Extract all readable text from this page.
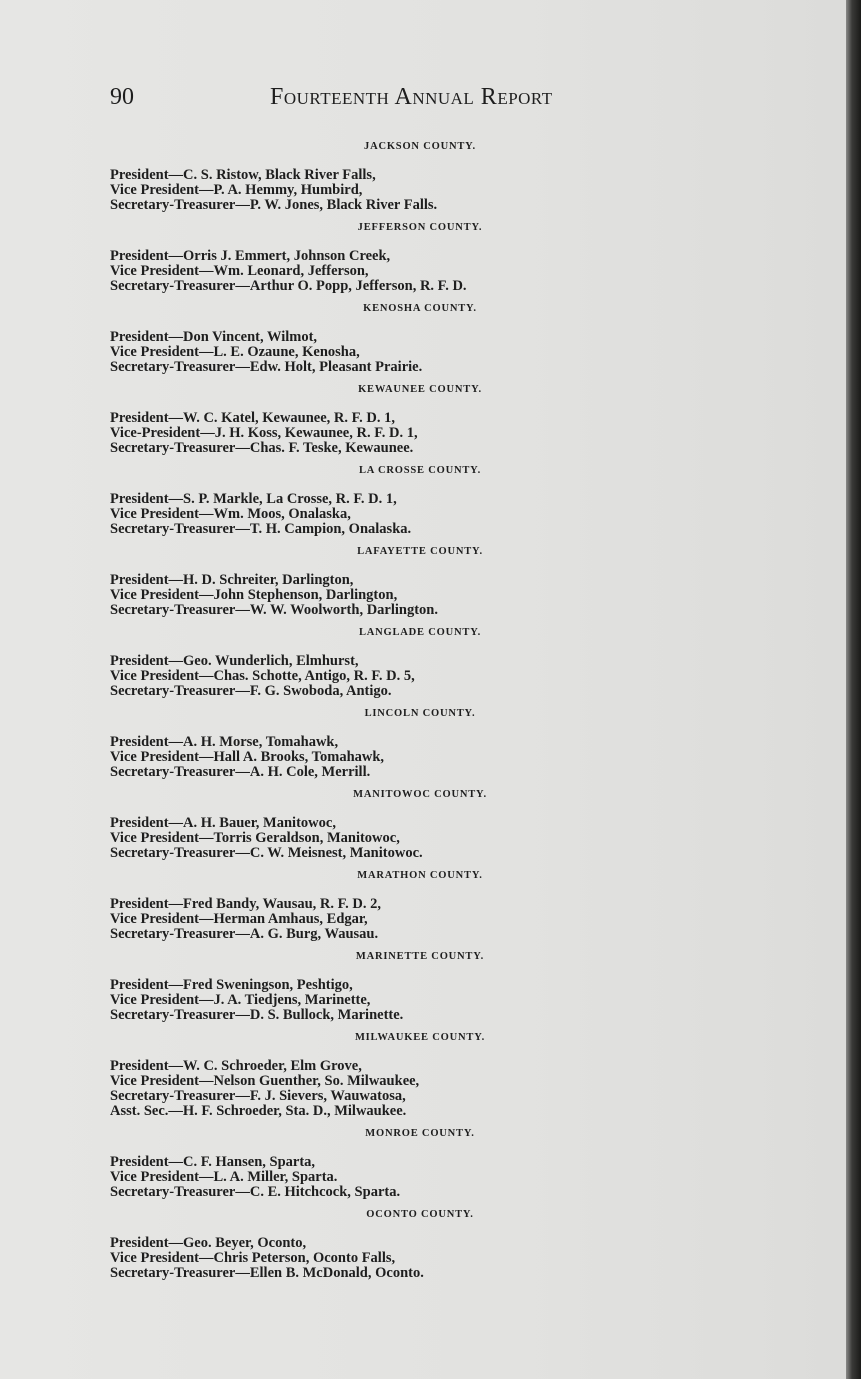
90	Fourteenth Annual Report
JACKSON COUNTY.
President—C. S. Ristow, Black River Falls,
Vice President—P. A. Hemmy, Humbird,
Secretary-Treasurer—P. W. Jones, Black River Falls.
JEFFERSON COUNTY.
President—Orris J. Emmert, Johnson Creek,
Vice President—Wm. Leonard, Jefferson,
Secretary-Treasurer—Arthur O. Popp, Jefferson, R. F. D.
KENOSHA COUNTY.
President—Don Vincent, Wilmot,
Vice President—L. E. Ozaune, Kenosha,
Secretary-Treasurer—Edw. Holt, Pleasant Prairie.
KEWAUNEE COUNTY.
President—W. C. Katel, Kewaunee, R. F. D. 1,
Vice-President—J. H. Koss, Kewaunee, R. F. D. 1,
Secretary-Treasurer—Chas. F. Teske, Kewaunee.
LA CROSSE COUNTY.
President—S. P. Markle, La Crosse, R. F. D. 1,
Vice President—Wm. Moos, Onalaska,
Secretary-Treasurer—T. H. Campion, Onalaska.
LAFAYETTE COUNTY.
President—H. D. Schreiter, Darlington,
Vice President—John Stephenson, Darlington,
Secretary-Treasurer—W. W. Woolworth, Darlington.
LANGLADE COUNTY.
President—Geo. Wunderlich, Elmhurst,
Vice President—Chas. Schotte, Antigo, R. F. D. 5,
Secretary-Treasurer—F. G. Swoboda, Antigo.
LINCOLN COUNTY.
President—A. H. Morse, Tomahawk,
Vice President—Hall A. Brooks, Tomahawk,
Secretary-Treasurer—A. H. Cole, Merrill.
MANITOWOC COUNTY.
President—A. H. Bauer, Manitowoc,
Vice President—Torris Geraldson, Manitowoc,
Secretary-Treasurer—C. W. Meisnest, Manitowoc.
MARATHON COUNTY.
President—Fred Bandy, Wausau, R. F. D. 2,
Vice President—Herman Amhaus, Edgar,
Secretary-Treasurer—A. G. Burg, Wausau.
MARINETTE COUNTY.
President—Fred Sweningson, Peshtigo,
Vice President—J. A. Tiedjens, Marinette,
Secretary-Treasurer—D. S. Bullock, Marinette.
MILWAUKEE COUNTY.
President—W. C. Schroeder, Elm Grove,
Vice President—Nelson Guenther, So. Milwaukee,
Secretary-Treasurer—F. J. Sievers, Wauwatosa,
Asst. Sec.—H. F. Schroeder, Sta. D., Milwaukee.
MONROE COUNTY.
President—C. F. Hansen, Sparta,
Vice President—L. A. Miller, Sparta.
Secretary-Treasurer—C. E. Hitchcock, Sparta.
OCONTO COUNTY.
President—Geo. Beyer, Oconto,
Vice President—Chris Peterson, Oconto Falls,
Secretary-Treasurer—Ellen B. McDonald, Oconto.
